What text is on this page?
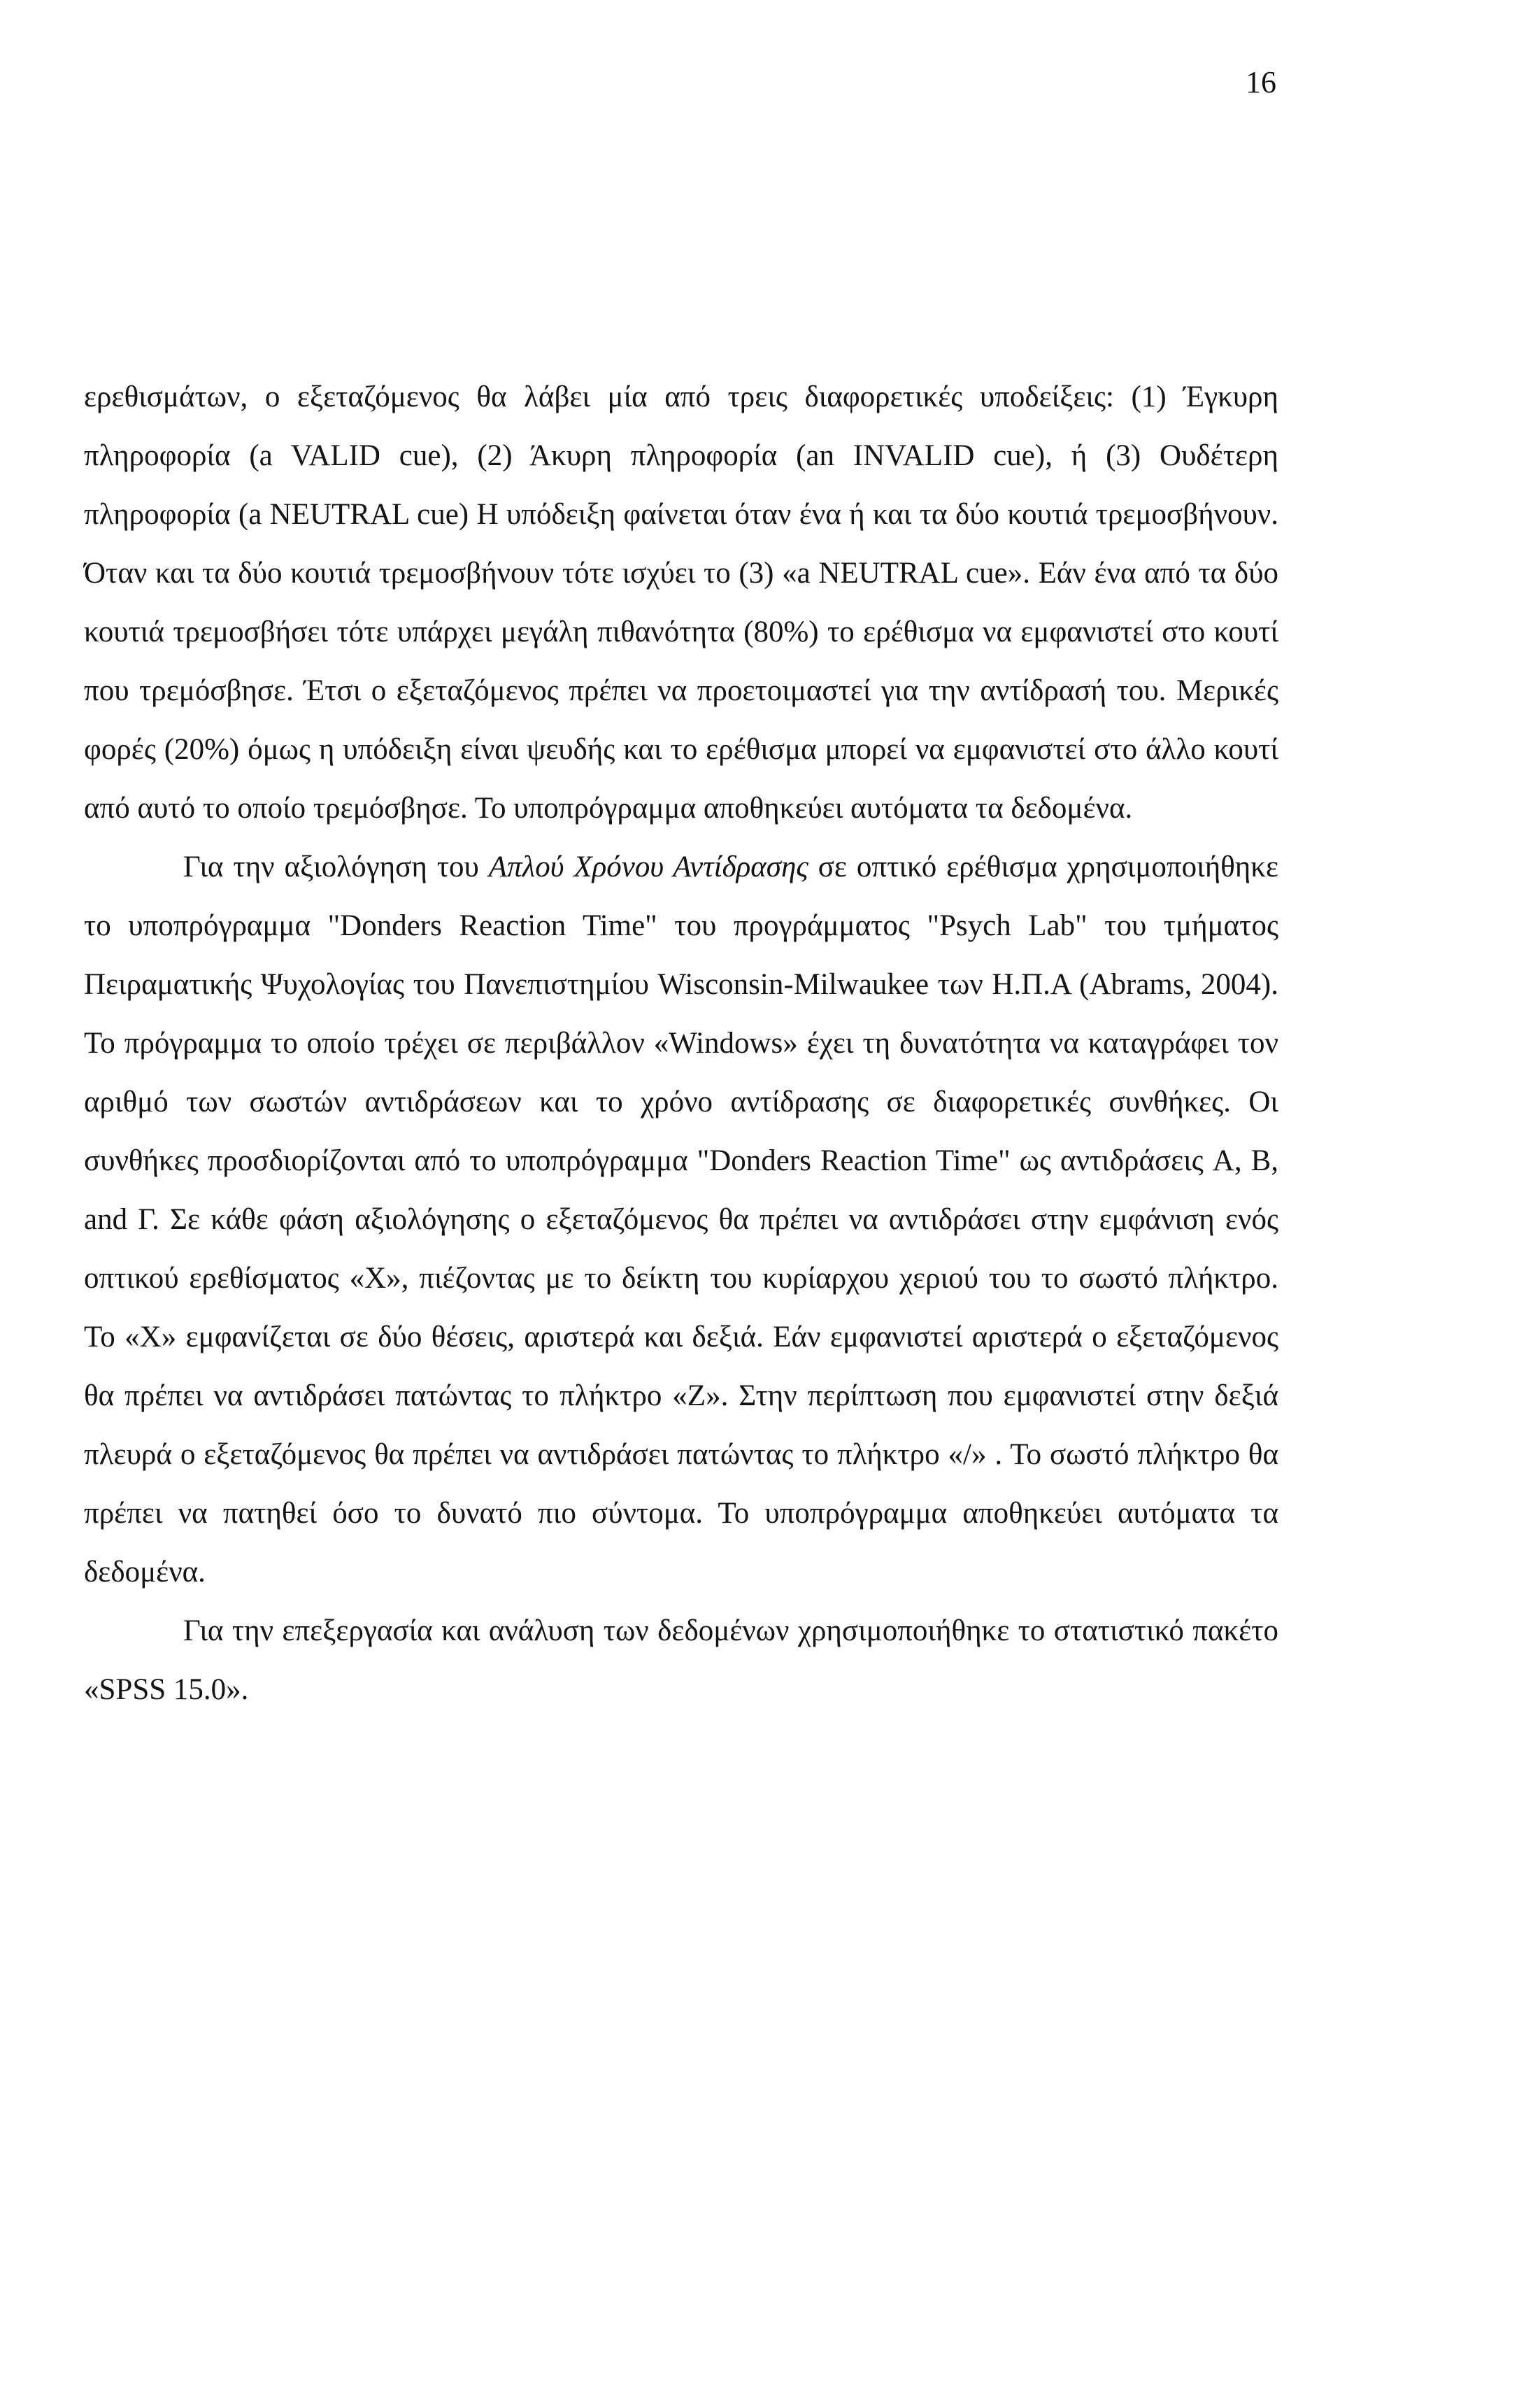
16

ερεθισμάτων, ο εξεταζόμενος θα λάβει μία από τρεις διαφορετικές υποδείξεις: (1) Έγκυρη πληροφορία (a VALID cue), (2) Άκυρη πληροφορία (an INVALID cue), ή (3) Ουδέτερη πληροφορία (a NEUTRAL cue) Η υπόδειξη φαίνεται όταν ένα ή και τα δύο κουτιά τρεμοσβήνουν. Όταν και τα δύο κουτιά τρεμοσβήνουν τότε ισχύει το (3) «a NEUTRAL cue». Εάν ένα από τα δύο κουτιά τρεμοσβήσει τότε υπάρχει μεγάλη πιθανότητα (80%) το ερέθισμα να εμφανιστεί στο κουτί που τρεμόσβησε. Έτσι ο εξεταζόμενος πρέπει να προετοιμαστεί για την αντίδρασή του. Μερικές φορές (20%) όμως η υπόδειξη είναι ψευδής και το ερέθισμα μπορεί να εμφανιστεί στο άλλο κουτί από αυτό το οποίο τρεμόσβησε. Το υποπρόγραμμα αποθηκεύει αυτόματα τα δεδομένα.

Για την αξιολόγηση του Απλού Χρόνου Αντίδρασης σε οπτικό ερέθισμα χρησιμοποιήθηκε το υποπρόγραμμα "Donders Reaction Time" του προγράμματος "Psych Lab" του τμήματος Πειραματικής Ψυχολογίας του Πανεπιστημίου Wisconsin-Milwaukee των Η.Π.Α (Abrams, 2004). Το πρόγραμμα το οποίο τρέχει σε περιβάλλον «Windows» έχει τη δυνατότητα να καταγράφει τον αριθμό των σωστών αντιδράσεων και το χρόνο αντίδρασης σε διαφορετικές συνθήκες. Οι συνθήκες προσδιορίζονται από το υποπρόγραμμα "Donders Reaction Time" ως αντιδράσεις A, B, and Γ. Σε κάθε φάση αξιολόγησης ο εξεταζόμενος θα πρέπει να αντιδράσει στην εμφάνιση ενός οπτικού ερεθίσματος «Χ», πιέζοντας με το δείκτη του κυρίαρχου χεριού του το σωστό πλήκτρο. Το «Χ» εμφανίζεται σε δύο θέσεις, αριστερά και δεξιά. Εάν εμφανιστεί αριστερά ο εξεταζόμενος θα πρέπει να αντιδράσει πατώντας το πλήκτρο «Ζ». Στην περίπτωση που εμφανιστεί στην δεξιά πλευρά ο εξεταζόμενος θα πρέπει να αντιδράσει πατώντας το πλήκτρο «/» . Το σωστό πλήκτρο θα πρέπει να πατηθεί όσο το δυνατό πιο σύντομα. Το υποπρόγραμμα αποθηκεύει αυτόματα τα δεδομένα.

Για την επεξεργασία και ανάλυση των δεδομένων χρησιμοποιήθηκε το στατιστικό πακέτο «SPSS 15.0».
